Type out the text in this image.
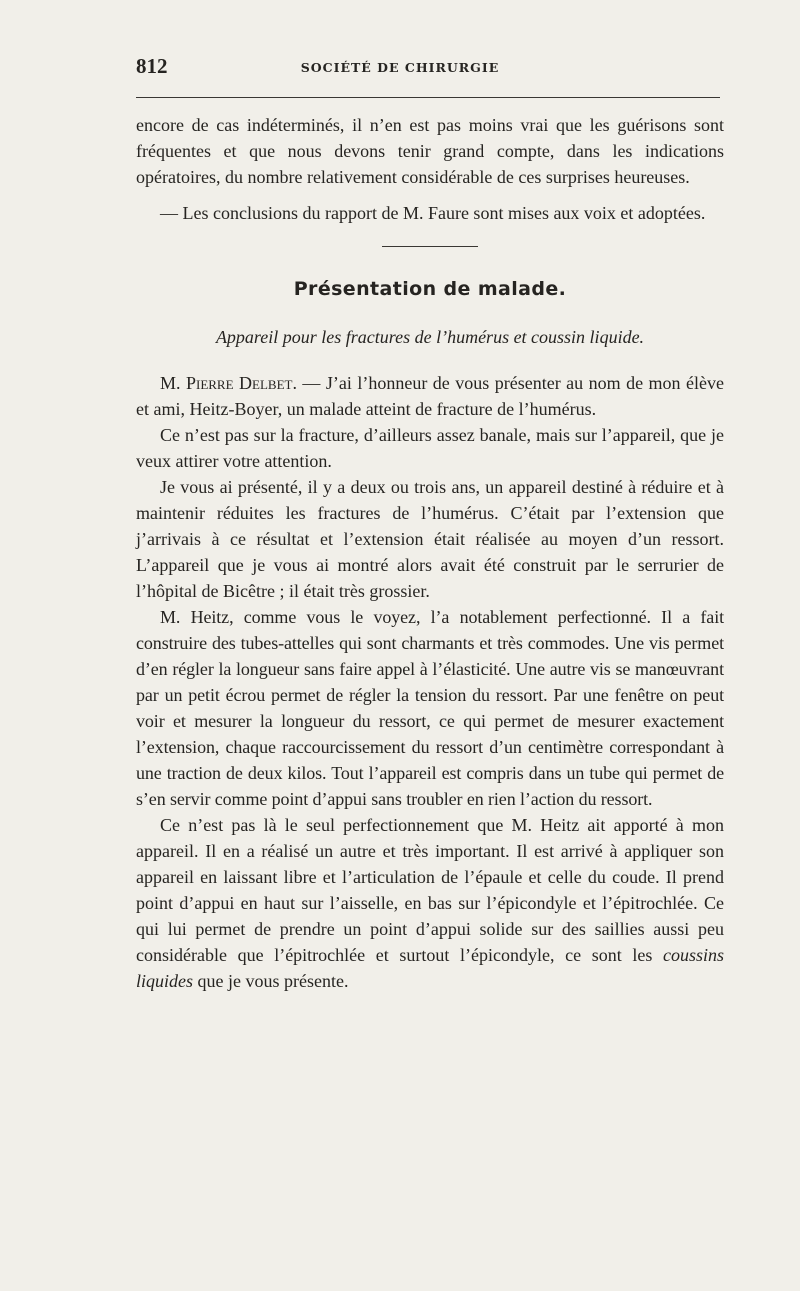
812	SOCIÉTÉ DE CHIRURGIE

encore de cas indéterminés, il n’en est pas moins vrai que les guérisons sont fréquentes et que nous devons tenir grand compte, dans les indications opératoires, du nombre relativement considérable de ces surprises heureuses.

— Les conclusions du rapport de M. Faure sont mises aux voix et adoptées.

Présentation de malade.

Appareil pour les fractures de l’humérus et coussin liquide.

M. Pierre Delbet. — J’ai l’honneur de vous présenter au nom de mon élève et ami, Heitz-Boyer, un malade atteint de fracture de l’humérus.

Ce n’est pas sur la fracture, d’ailleurs assez banale, mais sur l’appareil, que je veux attirer votre attention.

Je vous ai présenté, il y a deux ou trois ans, un appareil destiné à réduire et à maintenir réduites les fractures de l’humérus. C’était par l’extension que j’arrivais à ce résultat et l’extension était réalisée au moyen d’un ressort. L’appareil que je vous ai montré alors avait été construit par le serrurier de l’hôpital de Bicêtre ; il était très grossier.

M. Heitz, comme vous le voyez, l’a notablement perfectionné. Il a fait construire des tubes-attelles qui sont charmants et très commodes. Une vis permet d’en régler la longueur sans faire appel à l’élasticité. Une autre vis se manœuvrant par un petit écrou permet de régler la tension du ressort. Par une fenêtre on peut voir et mesurer la longueur du ressort, ce qui permet de mesurer exactement l’extension, chaque raccourcissement du ressort d’un centimètre correspondant à une traction de deux kilos. Tout l’appareil est compris dans un tube qui permet de s’en servir comme point d’appui sans troubler en rien l’action du ressort.

Ce n’est pas là le seul perfectionnement que M. Heitz ait apporté à mon appareil. Il en a réalisé un autre et très important. Il est arrivé à appliquer son appareil en laissant libre et l’articulation de l’épaule et celle du coude. Il prend point d’appui en haut sur l’aisselle, en bas sur l’épicondyle et l’épitrochlée. Ce qui lui permet de prendre un point d’appui solide sur des saillies aussi peu considérable que l’épitrochlée et surtout l’épicondyle, ce sont les coussins liquides que je vous présente.
